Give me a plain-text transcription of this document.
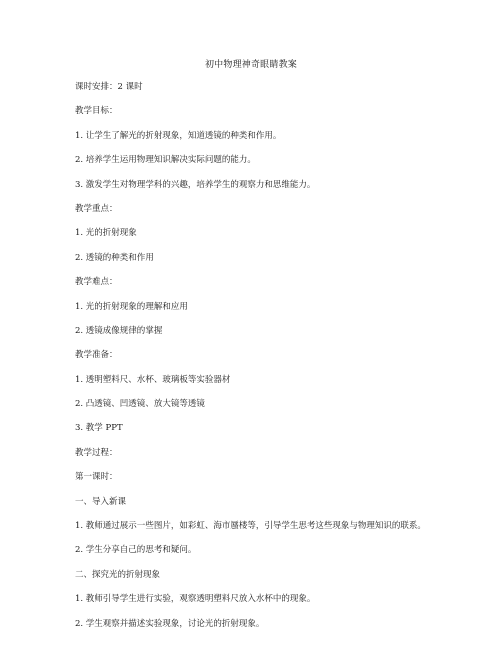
初中物理神奇眼睛教案
课时安排：2 课时
教学目标：
1. 让学生了解光的折射现象，知道透镜的种类和作用。
2. 培养学生运用物理知识解决实际问题的能力。
3. 激发学生对物理学科的兴趣，培养学生的观察力和思维能力。
教学重点：
1. 光的折射现象
2. 透镜的种类和作用
教学难点：
1. 光的折射现象的理解和应用
2. 透镜成像规律的掌握
教学准备：
1. 透明塑料尺、水杯、玻璃板等实验器材
2. 凸透镜、凹透镜、放大镜等透镜
3. 教学 PPT
教学过程：
第一课时：
一、导入新课
1. 教师通过展示一些图片，如彩虹、海市蜃楼等，引导学生思考这些现象与物理知识的联系。
2. 学生分享自己的思考和疑问。
二、探究光的折射现象
1. 教师引导学生进行实验，观察透明塑料尺放入水杯中的现象。
2. 学生观察并描述实验现象，讨论光的折射现象。
